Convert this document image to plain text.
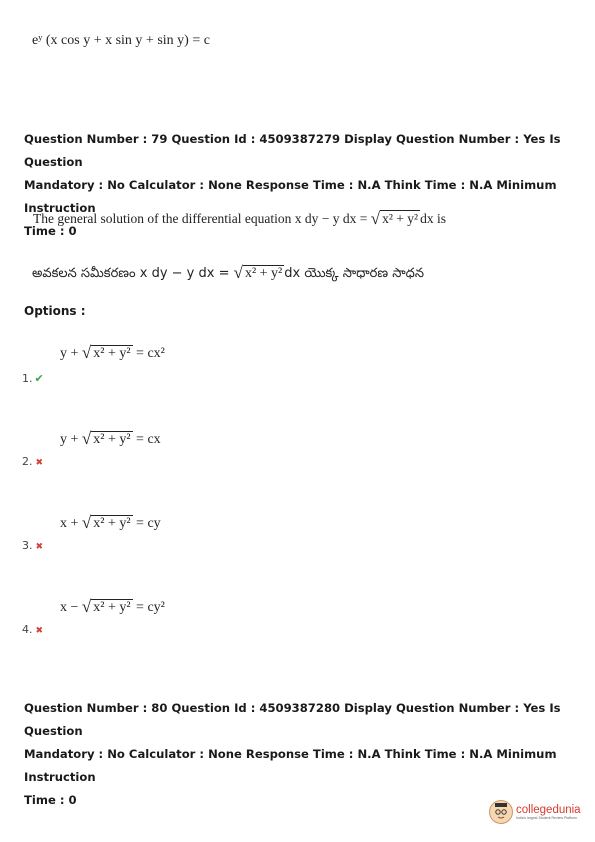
eʸ (x cos y + x sin y + sin y) = c
Question Number : 79 Question Id : 4509387279 Display Question Number : Yes Is Question
Mandatory : No Calculator : None Response Time : N.A Think Time : N.A Minimum Instruction
Time : 0
The general solution of the differential equation x dy − y dx = √ x² + y² dx is
అవకలన సమీకరణం x dy − y dx = √ x² + y² dx యొక్క సాధారణ సాధన
Options :
y + √ x² + y² = cx²
1. ✔
y + √ x² + y² = cx
2. ✖
x + √ x² + y² = cy
3. ✖
x − √ x² + y² = cy²
4. ✖
Question Number : 80 Question Id : 4509387280 Display Question Number : Yes Is Question
Mandatory : No Calculator : None Response Time : N.A Think Time : N.A Minimum Instruction
Time : 0
collegedunia
India's largest Student Review Platform
